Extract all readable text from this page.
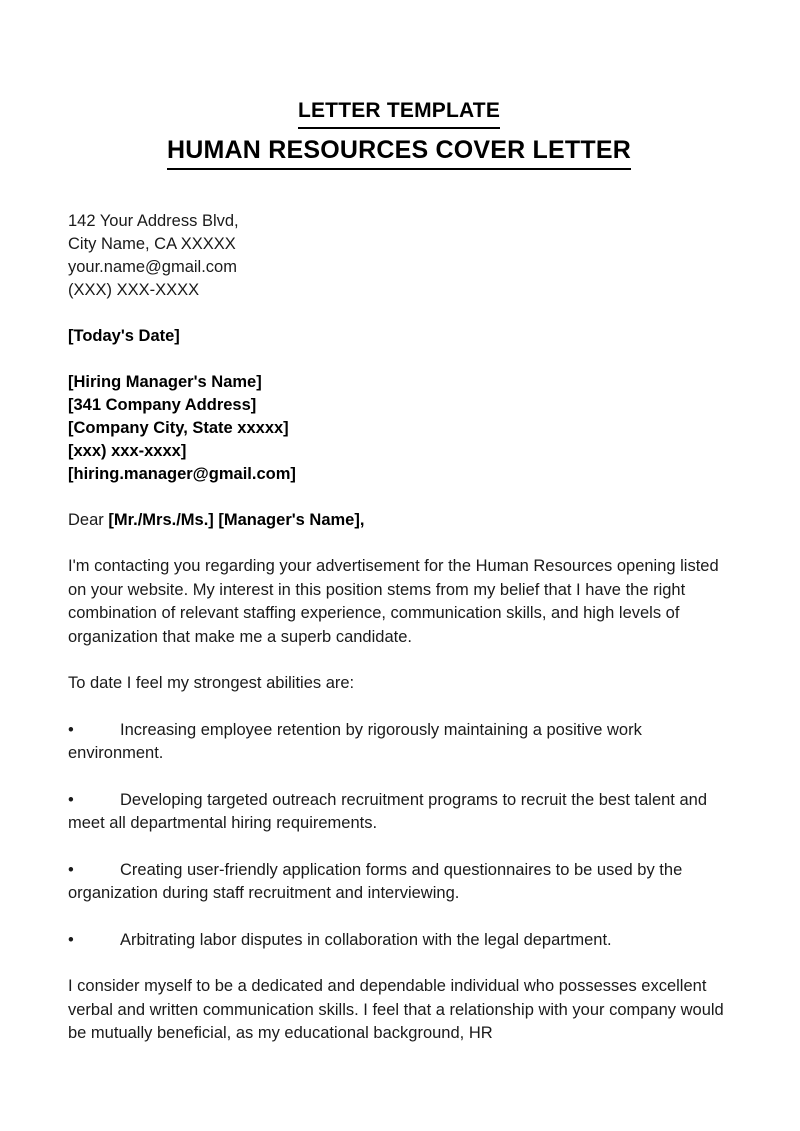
LETTER TEMPLATE
HUMAN RESOURCES COVER LETTER
142 Your Address Blvd,
City Name, CA XXXXX
your.name@gmail.com
(XXX) XXX-XXXX
[Today's Date]
[Hiring Manager's Name]
[341 Company Address]
[Company City, State xxxxx]
[xxx) xxx-xxxx]
[hiring.manager@gmail.com]
Dear [Mr./Mrs./Ms.] [Manager's Name],

I'm contacting you regarding your advertisement for the Human Resources opening listed on your website. My interest in this position stems from my belief that I have the right combination of relevant staffing experience, communication skills, and high levels of organization that make me a superb candidate.

To date I feel my strongest abilities are:

•	Increasing employee retention by rigorously maintaining a positive work environment.

•	Developing targeted outreach recruitment programs to recruit the best talent and meet all departmental hiring requirements.

•	Creating user-friendly application forms and questionnaires to be used by the organization during staff recruitment and interviewing.

•	Arbitrating labor disputes in collaboration with the legal department.

I consider myself to be a dedicated and dependable individual who possesses excellent verbal and written communication skills. I feel that a relationship with your company would be mutually beneficial, as my educational background, HR
